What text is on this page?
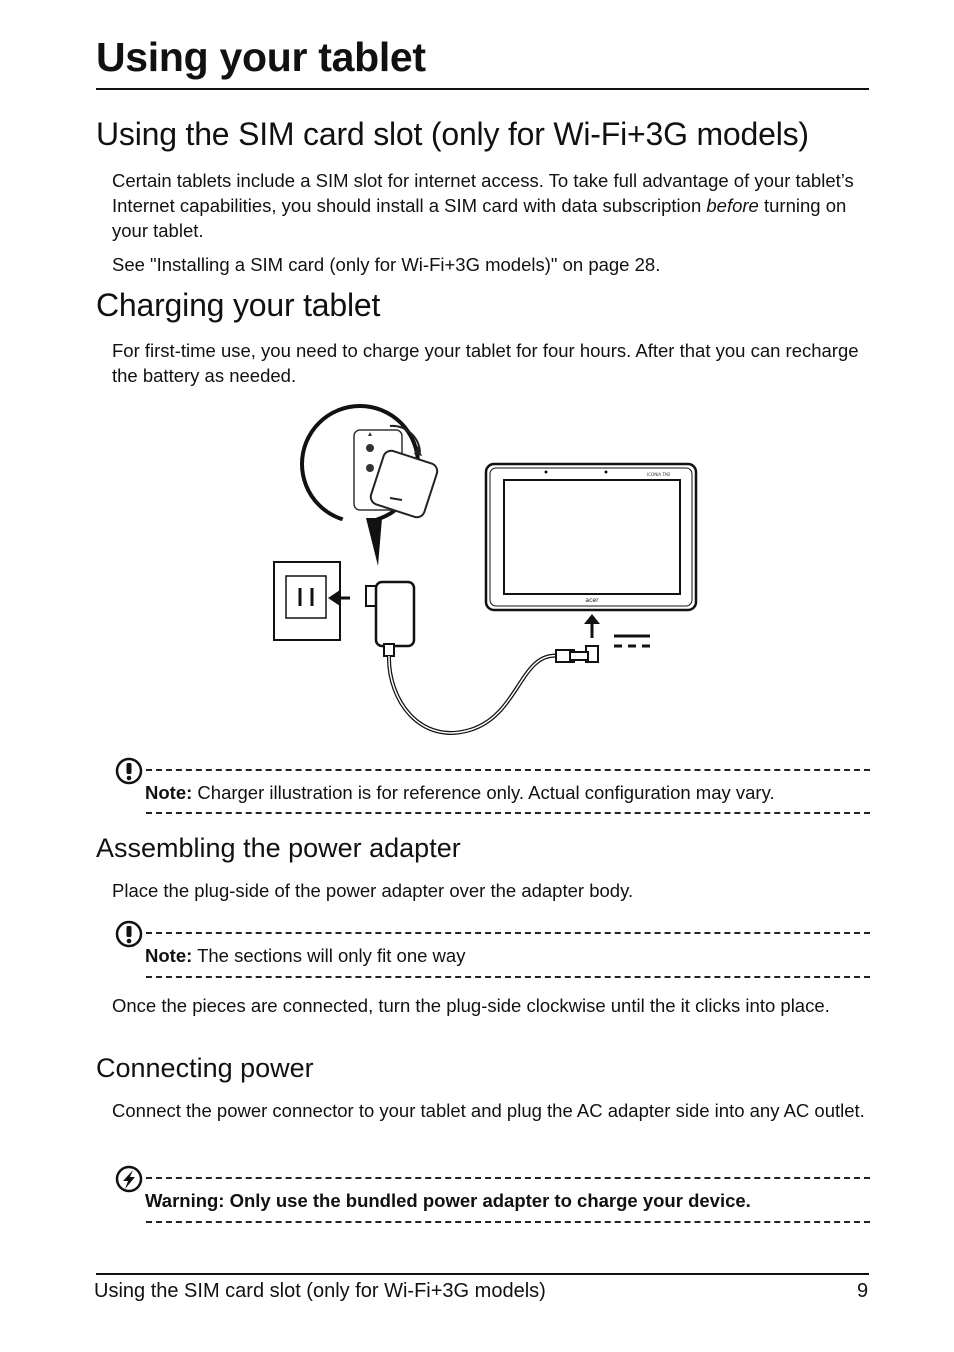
Using your tablet
Using the SIM card slot (only for Wi-Fi+3G models)

Certain tablets include a SIM slot for internet access. To take full advantage of your tablet’s Internet capabilities, you should install a SIM card with data subscription before turning on your tablet.

See "Installing a SIM card (only for Wi-Fi+3G models)" on page 28.

Charging your tablet

For first-time use, you need to charge your tablet for four hours. After that you can recharge the battery as needed.

ICONIA TAB
acer

Note: Charger illustration is for reference only. Actual configuration may vary.

Assembling the power adapter

Place the plug-side of the power adapter over the adapter body.

Note: The sections will only fit one way

Once the pieces are connected, turn the plug-side clockwise until the it clicks into place.

Connecting power

Connect the power connector to your tablet and plug the AC adapter side into any AC outlet.

Warning: Only use the bundled power adapter to charge your device.

Using the SIM card slot (only for Wi-Fi+3G models)	9
